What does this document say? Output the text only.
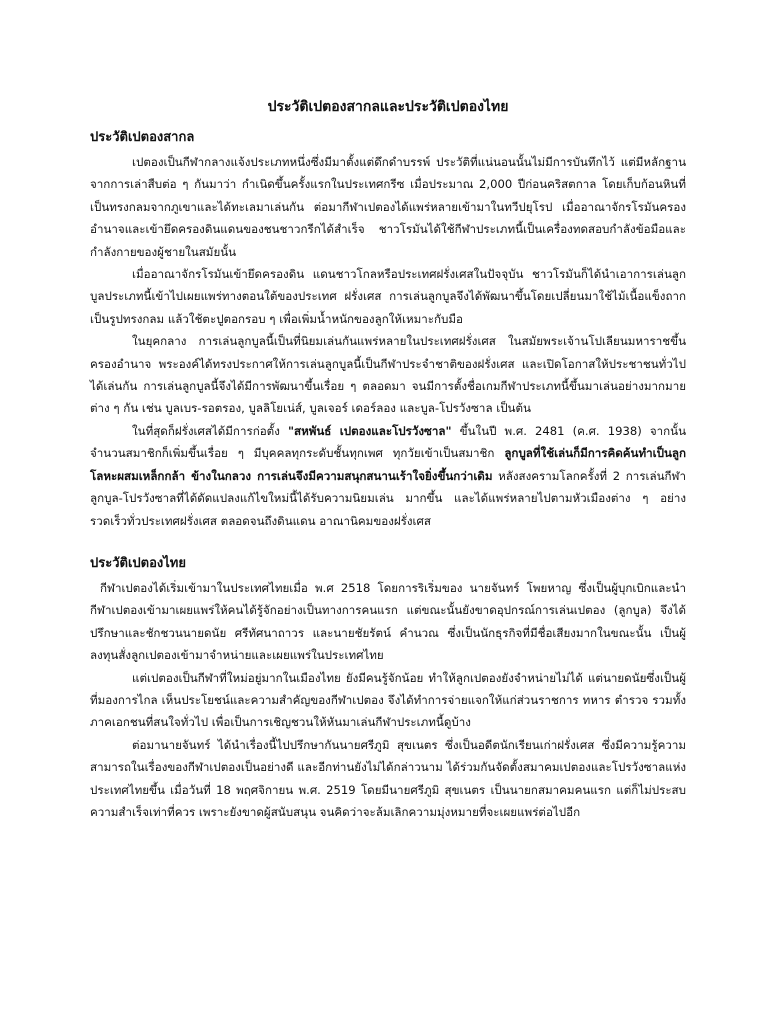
ประวัติเปตองสากลและประวัติเปตองไทย
ประวัติเปตองสากล

เปตองเป็นกีฬากลางแจ้งประเภทหนึ่งซึ่งมีมาตั้งแต่ดึกดำบรรพ์ ประวัติที่แน่นอนนั้นไม่มีการบันทึกไว้ แต่มีหลักฐานจากการเล่าสืบต่อ ๆ กันมาว่า กำเนิดขึ้นครั้งแรกในประเทศกรีซ เมื่อประมาณ 2,000 ปีก่อนคริสตกาล โดยเก็บก้อนหินที่เป็นทรงกลมจากภูเขาและได้ทะเลมาเล่นกัน ต่อมากีฬาเปตองได้แพร่หลายเข้ามาในทวีปยุโรป เมื่ออาณาจักรโรมันครองอำนาจและเข้ายึดครองดินแดนของชนชาวกรีกได้สำเร็จ ชาวโรมันได้ใช้กีฬาประเภทนี้เป็นเครื่องทดสอบกำลังข้อมือและกำลังกายของผู้ชายในสมัยนั้น

เมื่ออาณาจักรโรมันเข้ายึดครองดิน แดนชาวโกลหรือประเทศฝรั่งเศสในปัจจุบัน ชาวโรมันก็ได้นำเอาการเล่นลูกบูลประเภทนี้เข้าไปเผยแพร่ทางตอนใต้ของประเทศ ฝรั่งเศส การเล่นลูกบูลจึงได้พัฒนาขึ้นโดยเปลี่ยนมาใช้ไม้เนื้อแข็งถากเป็นรูปทรงกลม แล้วใช้ตะปูตอกรอบ ๆ เพื่อเพิ่มน้ำหนักของลูกให้เหมาะกับมือ

ในยุคกลาง การเล่นลูกบูลนี้เป็นที่นิยมเล่นกันแพร่หลายในประเทศฝรั่งเศส ในสมัยพระเจ้านโปเลียนมหาราชขึ้นครองอำนาจ พระองค์ได้ทรงประกาศให้การเล่นลูกบูลนี้เป็นกีฬาประจำชาติของฝรั่งเศส และเปิดโอกาสให้ประชาชนทั่วไปได้เล่นกัน การเล่นลูกบูลนี้จึงได้มีการพัฒนาขึ้นเรื่อย ๆ ตลอดมา จนมีการตั้งชื่อเกมกีฬาประเภทนี้ขึ้นมาเล่นอย่างมากมายต่าง ๆ กัน เช่น บูลเบร-รอตรอง, บูลลิโยเน่ส์, บูลเจอร์ เดอร์ลอง และบูล-โปรวังซาล เป็นต้น

ในที่สุดก็ฝรั่งเศสได้มีการก่อตั้ง "สหพันธ์ เปตองและโปรวังซาล" ขึ้นในปี พ.ศ. 2481 (ค.ศ. 1938) จากนั้นจำนวนสมาชิกก็เพิ่มขึ้นเรื่อย ๆ มีบุคคลทุกระดับชั้นทุกเพศ ทุกวัยเข้าเป็นสมาชิก ลูกบูลที่ใช้เล่นก็มีการคิดค้นทำเป็นลูกโลหะผสมเหล็กกล้า ข้างในกลวง การเล่นจึงมีความสนุกสนานเร้าใจยิ่งขึ้นกว่าเดิม หลังสงครามโลกครั้งที่ 2 การเล่นกีฬาลูกบูล-โปรวังซาลที่ได้ดัดแปลงแก้ไขใหม่นี้ได้รับความนิยมเล่น มากขึ้น และได้แพร่หลายไปตามหัวเมืองต่าง ๆ อย่างรวดเร็วทั่วประเทศฝรั่งเศส ตลอดจนถึงดินแดน อาณานิคมของฝรั่งเศส

ประวัติเปตองไทย

กีฬาเปตองได้เริ่มเข้ามาในประเทศไทยเมื่อ พ.ศ 2518 โดยการริเริ่มของ นายจันทร์ โพยหาญ ซึ่งเป็นผู้บุกเบิกและนำกีฬาเปตองเข้ามาเผยแพร่ให้คนได้รู้จักอย่างเป็นทางการคนแรก แต่ขณะนั้นยังขาดอุปกรณ์การเล่นเปตอง (ลูกบูล) จึงได้ปรึกษาและชักชวนนายดนัย ศรีทัศนาถาวร และนายชัยรัตน์ คำนวณ ซึ่งเป็นนักธุรกิจที่มีชื่อเสียงมากในขณะนั้น เป็นผู้ลงทุนสั่งลูกเปตองเข้ามาจำหน่ายและเผยแพร่ในประเทศไทย

แต่เปตองเป็นกีฬาที่ใหม่อยู่มากในเมืองไทย ยังมีคนรู้จักน้อย ทำให้ลูกเปตองยังจำหน่ายไม่ได้ แต่นายดนัยซึ่งเป็นผู้ที่มองการไกล เห็นประโยชน์และความสำคัญของกีฬาเปตอง จึงได้ทำการจ่ายแจกให้แก่ส่วนราชการ ทหาร ตำรวจ รวมทั้งภาคเอกชนที่สนใจทั่วไป เพื่อเป็นการเชิญชวนให้หันมาเล่นกีฬาประเภทนี้ดูบ้าง

ต่อมานายจันทร์ ได้นำเรื่องนี้ไปปรึกษากันนายศรีภูมิ สุขเนตร ซึ่งเป็นอดีตนักเรียนเก่าฝรั่งเศส ซึ่งมีความรู้ความสามารถในเรื่องของกีฬาเปตองเป็นอย่างดี และอีกท่านยังไม่ได้กล่าวนาม ได้ร่วมกันจัดตั้งสมาคมเปตองและโปรวังซาลแห่งประเทศไทยขึ้น เมื่อวันที่ 18 พฤศจิกายน พ.ศ. 2519 โดยมีนายศรีภูมิ สุขเนตร เป็นนายกสมาคมคนแรก แต่ก็ไม่ประสบความสำเร็จเท่าที่ควร เพราะยังขาดผู้สนับสนุน จนคิดว่าจะล้มเลิกความมุ่งหมายที่จะเผยแพร่ต่อไปอีก
